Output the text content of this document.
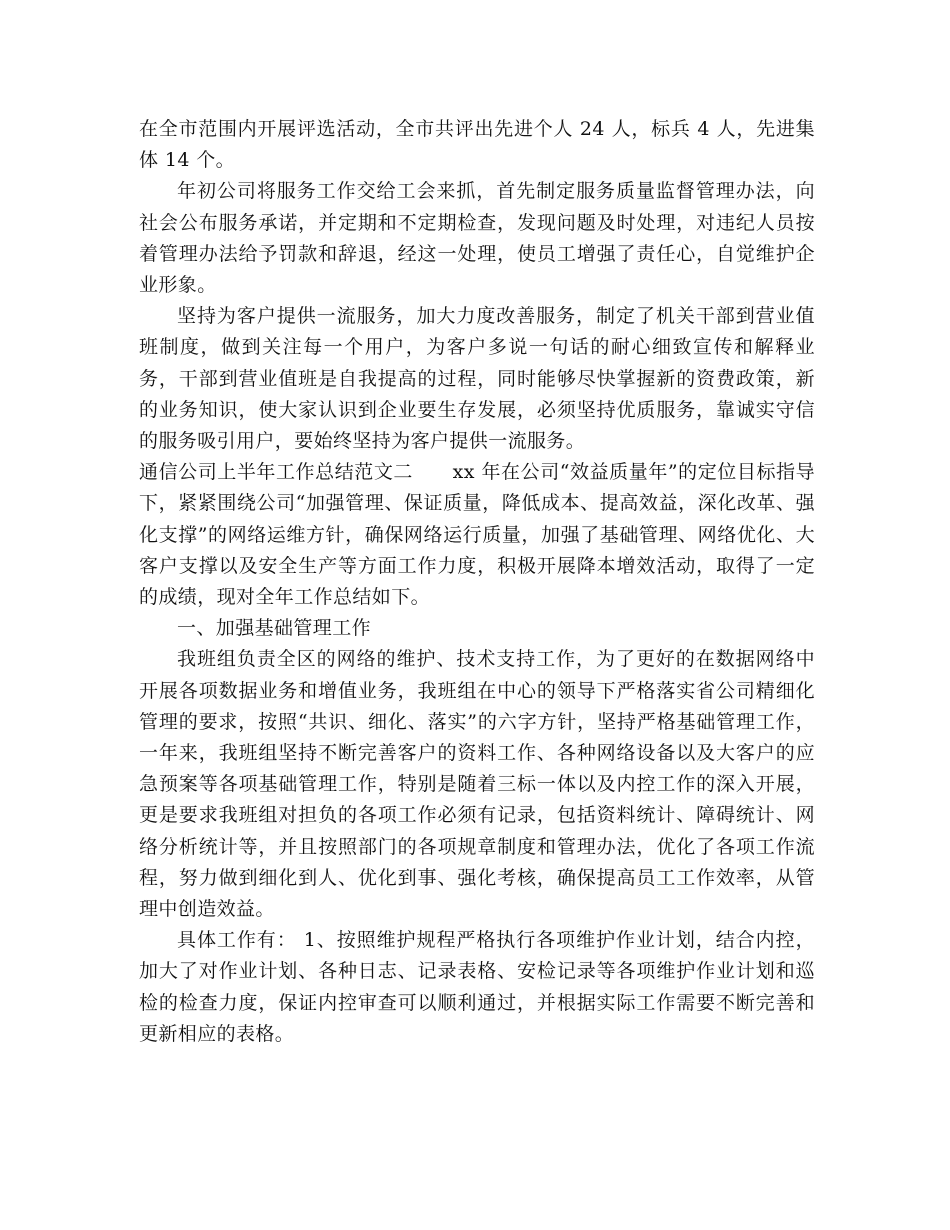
在全市范围内开展评选活动，全市共评出先进个人 24 人，标兵 4 人，先进集体 14 个。

年初公司将服务工作交给工会来抓，首先制定服务质量监督管理办法，向社会公布服务承诺，并定期和不定期检查，发现问题及时处理，对违纪人员按着管理办法给予罚款和辞退，经这一处理，使员工增强了责任心，自觉维护企业形象。

坚持为客户提供一流服务，加大力度改善服务，制定了机关干部到营业值班制度，做到关注每一个用户，为客户多说一句话的耐心细致宣传和解释业务，干部到营业值班是自我提高的过程，同时能够尽快掌握新的资费政策，新的业务知识，使大家认识到企业要生存发展，必须坚持优质服务，靠诚实守信的服务吸引用户，要始终坚持为客户提供一流服务。

通信公司上半年工作总结范文二 xx 年在公司“效益质量年”的定位目标指导下，紧紧围绕公司“加强管理、保证质量，降低成本、提高效益，深化改革、强化支撑”的网络运维方针，确保网络运行质量，加强了基础管理、网络优化、大客户支撑以及安全生产等方面工作力度，积极开展降本增效活动，取得了一定的成绩，现对全年工作总结如下。

一、加强基础管理工作

我班组负责全区的网络的维护、技术支持工作，为了更好的在数据网络中开展各项数据业务和增值业务，我班组在中心的领导下严格落实省公司精细化管理的要求，按照“共识、细化、落实”的六字方针，坚持严格基础管理工作，一年来，我班组坚持不断完善客户的资料工作、各种网络设备以及大客户的应急预案等各项基础管理工作，特别是随着三标一体以及内控工作的深入开展，更是要求我班组对担负的各项工作必须有记录，包括资料统计、障碍统计、网络分析统计等，并且按照部门的各项规章制度和管理办法，优化了各项工作流程，努力做到细化到人、优化到事、强化考核，确保提高员工工作效率，从管理中创造效益。

具体工作有： 1、按照维护规程严格执行各项维护作业计划，结合内控，加大了对作业计划、各种日志、记录表格、安检记录等各项维护作业计划和巡检的检查力度，保证内控审查可以顺利通过，并根据实际工作需要不断完善和更新相应的表格。
